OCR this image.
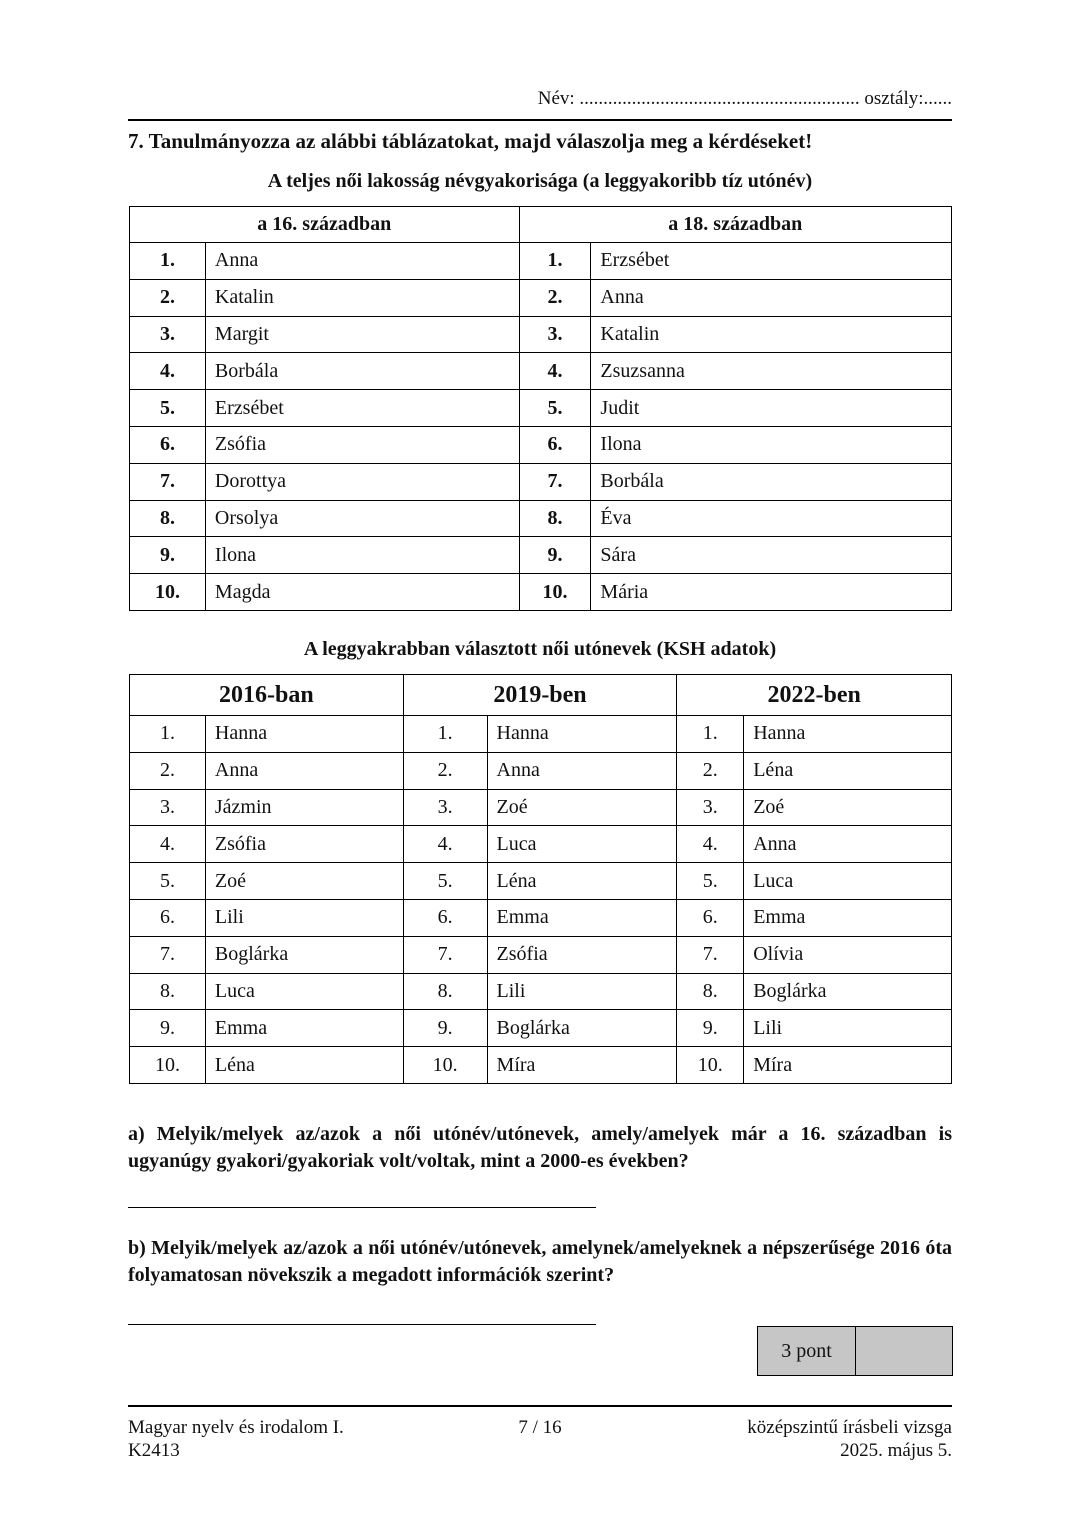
Név: ........................................................... osztály:......
7. Tanulmányozza az alábbi táblázatokat, majd válaszolja meg a kérdéseket!
A teljes női lakosság névgyakorisága (a leggyakoribb tíz utónév)
a 16. században		a 18. században	
1.	Anna	1.	Erzsébet
2.	Katalin	2.	Anna
3.	Margit	3.	Katalin
4.	Borbála	4.	Zsuzsanna
5.	Erzsébet	5.	Judit
6.	Zsófia	6.	Ilona
7.	Dorottya	7.	Borbála
8.	Orsolya	8.	Éva
9.	Ilona	9.	Sára
10.	Magda	10.	Mária
A leggyakrabban választott női utónevek (KSH adatok)
2016-ban		2019-ben		2022-ben	
1.	Hanna	1.	Hanna	1.	Hanna
2.	Anna	2.	Anna	2.	Léna
3.	Jázmin	3.	Zoé	3.	Zoé
4.	Zsófia	4.	Luca	4.	Anna
5.	Zoé	5.	Léna	5.	Luca
6.	Lili	6.	Emma	6.	Emma
7.	Boglárka	7.	Zsófia	7.	Olívia
8.	Luca	8.	Lili	8.	Boglárka
9.	Emma	9.	Boglárka	9.	Lili
10.	Léna	10.	Míra	10.	Míra
a) Melyik/melyek az/azok a női utónév/utónevek, amely/amelyek már a 16. században is ugyanúgy gyakori/gyakoriak volt/voltak, mint a 2000-es években?
b) Melyik/melyek az/azok a női utónév/utónevek, amelynek/amelyeknek a népszerűsége 2016 óta folyamatosan növekszik a megadott információk szerint?
3 pont
Magyar nyelv és irodalom I.
K2413
7 / 16	középszintű írásbeli vizsga
2025. május 5.
